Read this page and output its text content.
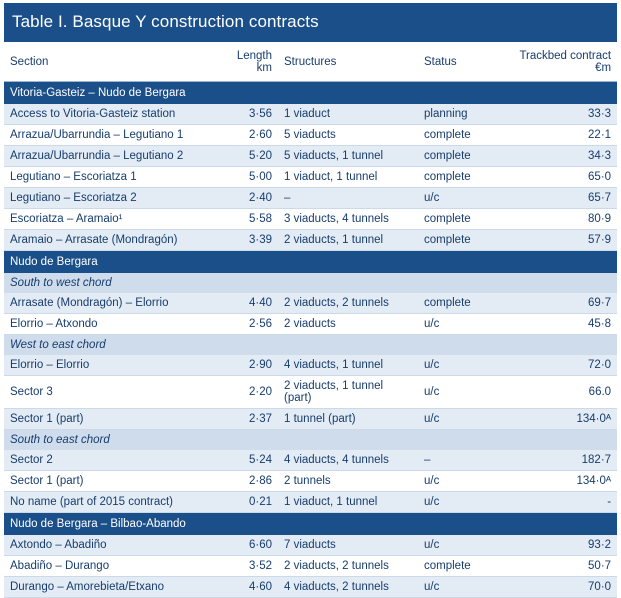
Table I. Basque Y construction contracts				
Section	Length km	Structures	Status	Trackbed contract €m
Vitoria-Gasteiz – Nudo de Bergara				
Access to Vitoria-Gasteiz station	3·56	1 viaduct	planning	33·3
Arrazua/Ubarrundia – Legutiano 1	2·60	5 viaducts	complete	22·1
Arrazua/Ubarrundia – Legutiano 2	5·20	5 viaducts, 1 tunnel	complete	34·3
Legutiano – Escoriatza 1	5·00	1 viaduct, 1 tunnel	complete	65·0
Legutiano – Escoriatza 2	2·40	–	u/c	65·7
Escoriatza – Aramaio¹	5·58	3 viaducts, 4 tunnels	complete	80·9
Aramaio – Arrasate (Mondragón)	3·39	2 viaducts, 1 tunnel	complete	57·9
Nudo de Bergara				
South to west chord				
Arrasate (Mondragón) – Elorrio	4·40	2 viaducts, 2 tunnels	complete	69·7
Elorrio – Atxondo	2·56	2 viaducts	u/c	45·8
West to east chord				
Elorrio – Elorrio	2·90	4 viaducts, 1 tunnel	u/c	72·0
Sector 3	2·20	2 viaducts, 1 tunnel (part)	u/c	66.0
Sector 1 (part)	2·37	1 tunnel (part)	u/c	134·0ᴬ
South to east chord				
Sector 2	5·24	4 viaducts, 4 tunnels	–	182·7
Sector 1 (part)	2·86	2 tunnels	u/c	134·0ᴬ
No name (part of 2015 contract)	0·21	1 viaduct, 1 tunnel	u/c	-
Nudo de Bergara – Bilbao-Abando				
Axtondo – Abadiño	6·60	7 viaducts	u/c	93·2
Abadiño – Durango	3·52	2 viaducts, 2 tunnels	complete	50·7
Durango – Amorebieta/Etxano	4·60	4 viaducts, 2 tunnels	u/c	70·0
